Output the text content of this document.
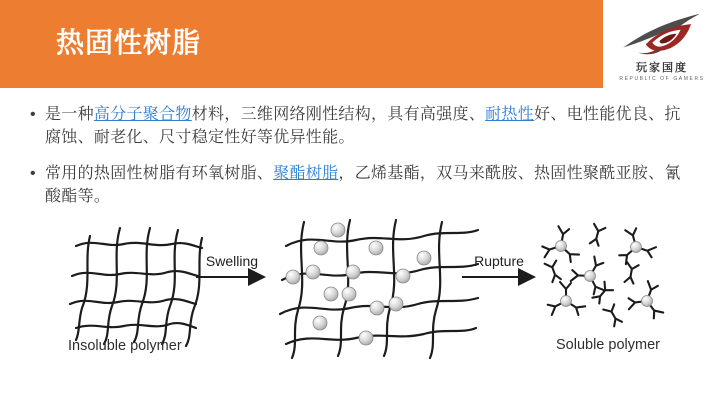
热固性树脂
玩家国度
REPUBLIC OF GAMERS
• 是一种高分子聚合物材料，三维网络刚性结构，具有高强度、耐热性好、电性能优良、抗腐蚀、耐老化、尺寸稳定性好等优异性能。
• 常用的热固性树脂有环氧树脂、聚酯树脂，乙烯基酯，双马来酰胺、热固性聚酰亚胺、氰酸酯等。
Insoluble polymer
Swelling	Rupture
Soluble polymer
